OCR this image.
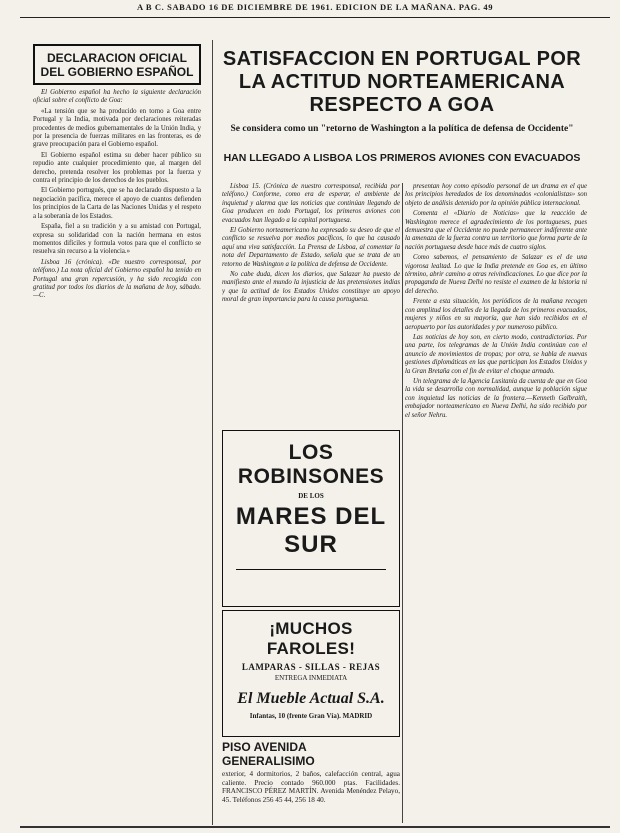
A B C. SABADO 16 DE DICIEMBRE DE 1961. EDICION DE LA MAÑANA. PAG. 49
DECLARACION OFICIAL DEL GOBIERNO ESPAÑOL

El Gobierno español ha hecho la siguiente declaración oficial sobre el conflicto de Goa:

«La tensión que se ha producido en torno a Goa entre Portugal y la India, motivada por declaraciones reiteradas procedentes de medios gubernamentales de la Unión India, y por la presencia de fuerzas militares en las fronteras, es de grave preocupación para el Gobierno español.

El Gobierno español estima su deber hacer público su repudio ante cualquier procedimiento que, al margen del derecho, pretenda resolver los problemas por la fuerza y contra el principio de los derechos de los pueblos.

El Gobierno portugués, que se ha declarado dispuesto a la negociación pacífica, merece el apoyo de cuantos defienden los principios de la Carta de las Naciones Unidas y el respeto a la soberanía de los Estados.

España, fiel a su tradición y a su amistad con Portugal, expresa su solidaridad con la nación hermana en estos momentos difíciles y formula votos para que el conflicto se resuelva sin recurso a la violencia.»

Lisboa 16 (crónica). «De nuestro corresponsal, por teléfono.) La nota oficial del Gobierno español ha tenido en Portugal una gran repercusión, y ha sido recogida con gratitud por todos los diarios de la mañana de hoy, sábado.—C.

SATISFACCION EN PORTUGAL POR LA ACTITUD NORTEAMERICANA RESPECTO A GOA
Se considera como un "retorno de Washington a la política de defensa de Occidente"
HAN LLEGADO A LISBOA LOS PRIMEROS AVIONES CON EVACUADOS

Lisboa 15. (Crónica de nuestro corresponsal, recibida por teléfono.) Conforme, como era de esperar, el ambiente de inquietud y alarma que las noticias que continúan llegando de Goa producen en todo Portugal, los primeros aviones con evacuados han llegado a la capital portuguesa.

El Gobierno norteamericano ha expresado su deseo de que el conflicto se resuelva por medios pacíficos, lo que ha causado aquí una viva satisfacción. La Prensa de Lisboa, al comentar la nota del Departamento de Estado, señala que se trata de un retorno de Washington a la política de defensa de Occidente.

No cabe duda, dicen los diarios, que Salazar ha puesto de manifiesto ante el mundo la injusticia de las pretensiones indias y que la actitud de los Estados Unidos constituye un apoyo moral de gran importancia para la causa portuguesa.

presentan hoy como episodio personal de un drama en el que los principios heredados de los denominados «colonialistas» son objeto de análisis detenido por la opinión pública internacional.

Comenta el «Diario de Noticias» que la reacción de Washington merece el agradecimiento de los portugueses, pues demuestra que el Occidente no puede permanecer indiferente ante la amenaza de la fuerza contra un territorio que forma parte de la nación portuguesa desde hace más de cuatro siglos.

Como sabemos, el pensamiento de Salazar es el de una vigorosa lealtad. Lo que la India pretende en Goa es, en último término, abrir camino a otras reivindicaciones. Lo que dice por la propaganda de Nueva Delhi no resiste el examen de la historia ni del derecho.

Frente a esta situación, los periódicos de la mañana recogen con amplitud los detalles de la llegada de los primeros evacuados, mujeres y niños en su mayoría, que han sido recibidos en el aeropuerto por las autoridades y por numeroso público.

Las noticias de hoy son, en cierto modo, contradictorias. Por una parte, los telegramas de la Unión India continúan con el anuncio de movimientos de tropas; por otra, se habla de nuevas gestiones diplomáticas en las que participan los Estados Unidos y la Gran Bretaña con el fin de evitar el choque armado.

Un telegrama de la Agencia Lusitania da cuenta de que en Goa la vida se desarrolla con normalidad, aunque la población sigue con inquietud las noticias de la frontera.—Kenneth Galbraith, embajador norteamericano en Nueva Delhi, ha sido recibido por el señor Nehru.

LOS ROBINSONES
DE LOS
MARES DEL SUR
¡MUCHOS FAROLES!
LAMPARAS - SILLAS - REJAS
ENTREGA INMEDIATA
El Mueble Actual S.A.
Infantas, 10 (frente Gran Vía). MADRID
PISO AVENIDA GENERALISIMO
exterior, 4 dormitorios, 2 baños, calefacción central, agua caliente. Precio contado 960.000 ptas. Facilidades. FRANCISCO PÉREZ MARTÍN. Avenida Menéndez Pelayo, 45. Teléfonos 256 45 44, 256 18 40.
